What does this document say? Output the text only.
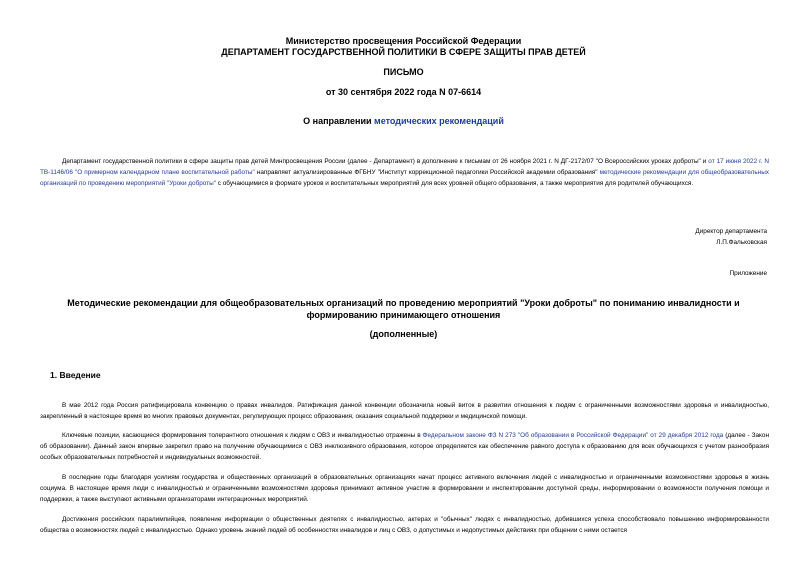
Министерство просвещения Российской Федерации
ДЕПАРТАМЕНТ ГОСУДАРСТВЕННОЙ ПОЛИТИКИ В СФЕРЕ ЗАЩИТЫ ПРАВ ДЕТЕЙ
ПИСЬМО
от 30 сентября 2022 года N 07-6614
О направлении методических рекомендаций
Департамент государственной политики в сфере защиты прав детей Минпросвещения России (далее - Департамент) в дополнение к письмам от 26 ноября 2021 г. N ДГ-2172/07 "О Всероссийских уроках доброты" и от 17 июня 2022 г. N ТВ-1146/06 "О примерном календарном плане воспитательной работы" направляет актуализированные ФГБНУ "Институт коррекционной педагогики Российской академии образования" методические рекомендации для общеобразовательных организаций по проведению мероприятий "Уроки доброты" с обучающимися в формате уроков и воспитательных мероприятий для всех уровней общего образования, а также мероприятия для родителей обучающихся.
Директор департамента
Л.П.Фальковская
Приложение
Методические рекомендации для общеобразовательных организаций по проведению мероприятий "Уроки доброты" по пониманию инвалидности и
формированию принимающего отношения
(дополненные)
1. Введение
В мае 2012 года Россия ратифицировала конвенцию о правах инвалидов. Ратификация данной конвенции обозначила новый виток в развитии отношения к людям с ограниченными возможностями здоровья и инвалидностью, закрепленный в настоящее время во многих правовых документах, регулирующих процесс образования, оказания социальной поддержки и медицинской помощи.
Ключевые позиции, касающиеся формирования толерантного отношения к людям с ОВЗ и инвалидностью отражены в Федеральном законе ФЗ N 273 "Об образовании в Российской Федерации" от 29 декабря 2012 года (далее - Закон об образовании). Данный закон впервые закрепил право на получение обучающимися с ОВЗ инклюзивного образования, которое определяется как обеспечение равного доступа к образованию для всех обучающихся с учетом разнообразия особых образовательных потребностей и индивидуальных возможностей.
В последние годы благодаря усилиям государства и общественных организаций в образовательных организациях начат процесс активного включения людей с инвалидностью и ограниченными возможностями здоровья в жизнь социума. В настоящее время люди с инвалидностью и ограниченными возможностями здоровья принимают активное участие в формировании и инспектировании доступной среды, информировании о возможности получения помощи и поддержки, а также выступают активными организаторами интеграционных мероприятий.
Достижения российских паралимпийцев, появление информации о общественных деятелях с инвалидностью, актерах и "обычных" людях с инвалидностью, добившихся успеха способствовало повышению информированности общества о возможностях людей с инвалидностью. Однако уровень знаний людей об особенностях инвалидов и лиц с ОВЗ, о допустимых и недопустимых действиях при общении с ними остается
